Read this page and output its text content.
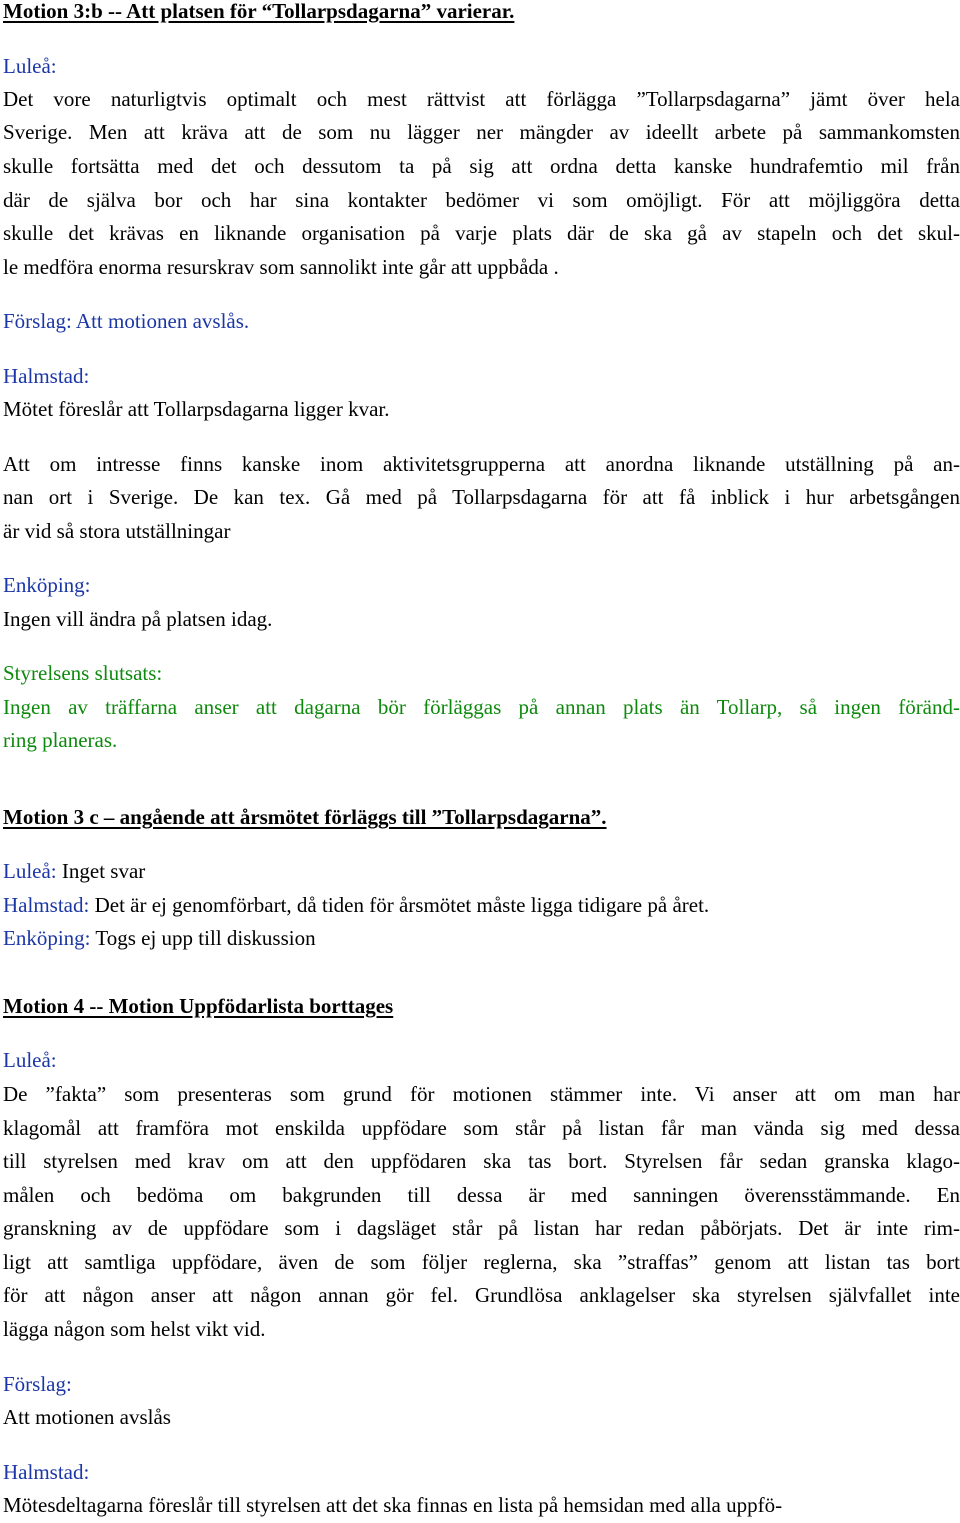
Motion 3:b -- Att platsen för “Tollarpsdagarna” varierar.
Luleå:
Det vore naturligtvis optimalt och mest rättvist att förlägga ”Tollarpsdagarna” jämt över hela
Sverige. Men att kräva att de som nu lägger ner mängder av ideellt arbete på sammankomsten
skulle fortsätta med det och dessutom ta på sig att ordna detta kanske hundrafemtio mil från
där de själva bor och har sina kontakter bedömer vi som omöjligt. För att möjliggöra detta
skulle det krävas en liknande organisation på varje plats där de ska gå av stapeln och det skul-
le medföra enorma resurskrav som sannolikt inte går att uppbåda .
Förslag: Att motionen avslås.
Halmstad:
Mötet föreslår att Tollarpsdagarna ligger kvar.
Att om intresse finns kanske inom aktivitetsgrupperna att anordna liknande utställning på an-
nan ort i Sverige. De kan tex. Gå med på Tollarpsdagarna för att få inblick i hur arbetsgången
är vid så stora utställningar
Enköping:
Ingen vill ändra på platsen idag.
Styrelsens slutsats:
Ingen av träffarna anser att dagarna bör förläggas på annan plats än Tollarp, så ingen föränd-
ring planeras.
Motion 3 c – angående att årsmötet förläggs till ”Tollarpsdagarna”.
Luleå: Inget svar
Halmstad: Det är ej genomförbart, då tiden för årsmötet måste ligga tidigare på året.
Enköping: Togs ej upp till diskussion
Motion 4 -- Motion Uppfödarlista borttages
Luleå:
De ”fakta” som presenteras som grund för motionen stämmer inte. Vi anser att om man har
klagomål att framföra mot enskilda uppfödare som står på listan får man vända sig med dessa
till styrelsen med krav om att den uppfödaren ska tas bort. Styrelsen får sedan granska klago-
målen och bedöma om bakgrunden till dessa är med sanningen överensstämmande. En
granskning av de uppfödare som i dagsläget står på listan har redan påbörjats. Det är inte rim-
ligt att samtliga uppfödare, även de som följer reglerna, ska ”straffas” genom att listan tas bort
för att någon anser att någon annan gör fel. Grundlösa anklagelser ska styrelsen självfallet inte
lägga någon som helst vikt vid.
Förslag:
Att motionen avslås
Halmstad:
Mötesdeltagarna föreslår till styrelsen att det ska finnas en lista på hemsidan med alla uppfö-
